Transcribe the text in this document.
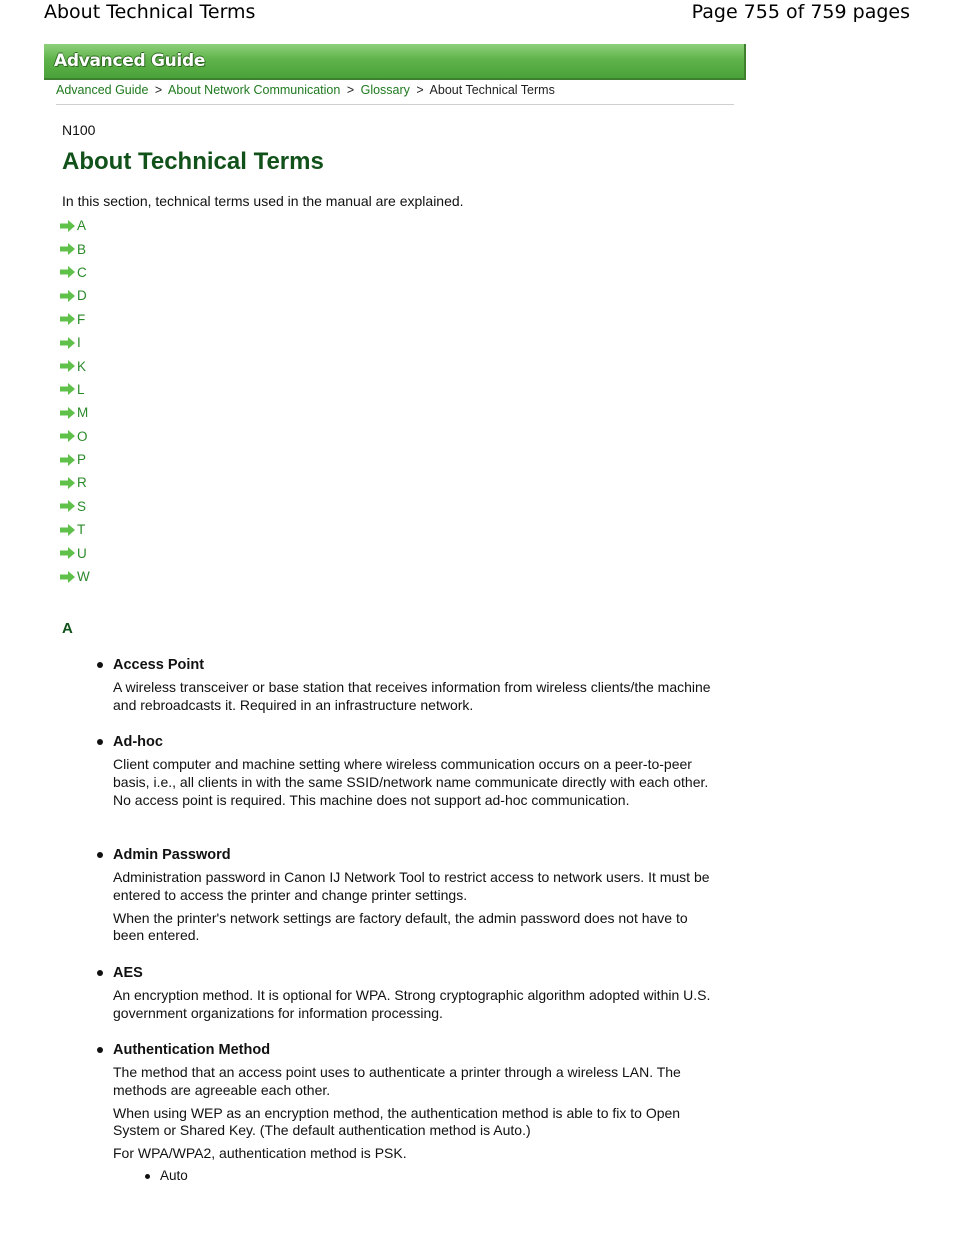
About Technical Terms	Page 755 of 759 pages
Advanced Guide
Advanced Guide > About Network Communication > Glossary > About Technical Terms
N100
About Technical Terms
In this section, technical terms used in the manual are explained.
A
B
C
D
F
I
K
L
M
O
P
R
S
T
U
W
A
Access Point

A wireless transceiver or base station that receives information from wireless clients/the machine and rebroadcasts it. Required in an infrastructure network.

Ad-hoc

Client computer and machine setting where wireless communication occurs on a peer-to-peer basis, i.e., all clients in with the same SSID/network name communicate directly with each other. No access point is required. This machine does not support ad-hoc communication.

Admin Password

Administration password in Canon IJ Network Tool to restrict access to network users. It must be entered to access the printer and change printer settings.

When the printer's network settings are factory default, the admin password does not have to been entered.

AES

An encryption method. It is optional for WPA. Strong cryptographic algorithm adopted within U.S. government organizations for information processing.

Authentication Method

The method that an access point uses to authenticate a printer through a wireless LAN. The methods are agreeable each other.

When using WEP as an encryption method, the authentication method is able to fix to Open System or Shared Key. (The default authentication method is Auto.)

For WPA/WPA2, authentication method is PSK.

Auto
